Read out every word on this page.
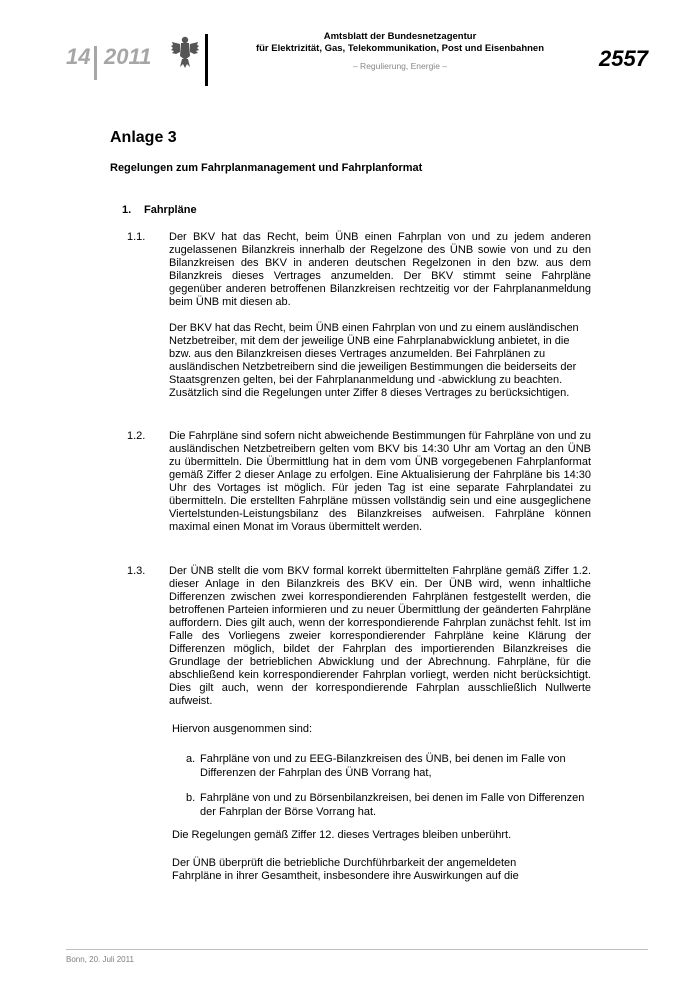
14 2011
Amtsblatt der Bundesnetzagentur
für Elektrizität, Gas, Telekommunikation, Post und Eisenbahnen
– Regulierung, Energie –	2557
Anlage 3
Regelungen zum Fahrplanmanagement und Fahrplanformat
1. Fahrpläne
1.1. Der BKV hat das Recht, beim ÜNB einen Fahrplan von und zu jedem anderen zugelassenen Bilanzkreis innerhalb der Regelzone des ÜNB sowie von und zu den Bilanzkreisen des BKV in anderen deutschen Regelzonen in den bzw. aus dem Bilanzkreis dieses Vertrages anzumelden. Der BKV stimmt seine Fahrpläne gegenüber anderen betroffenen Bilanzkreisen rechtzeitig vor der Fahrplananmeldung beim ÜNB mit diesen ab.

Der BKV hat das Recht, beim ÜNB einen Fahrplan von und zu einem ausländischen Netzbetreiber, mit dem der jeweilige ÜNB eine Fahrplanabwicklung anbietet, in die bzw. aus den Bilanzkreisen dieses Vertrages anzumelden. Bei Fahrplänen zu ausländischen Netzbetreibern sind die jeweiligen Bestimmungen die beiderseits der Staatsgrenzen gelten, bei der Fahrplananmeldung und -abwicklung zu beachten. Zusätzlich sind die Regelungen unter Ziffer 8 dieses Vertrages zu berücksichtigen.

1.2. Die Fahrpläne sind sofern nicht abweichende Bestimmungen für Fahrpläne von und zu ausländischen Netzbetreibern gelten vom BKV bis 14:30 Uhr am Vortag an den ÜNB zu übermitteln. Die Übermittlung hat in dem vom ÜNB vorgegebenen Fahrplanformat gemäß Ziffer 2 dieser Anlage zu erfolgen. Eine Aktualisierung der Fahrpläne bis 14:30 Uhr des Vortages ist möglich. Für jeden Tag ist eine separate Fahrplandatei zu übermitteln. Die erstellten Fahrpläne müssen vollständig sein und eine ausgeglichene Viertelstunden-Leistungsbilanz des Bilanzkreises aufweisen. Fahrpläne können maximal einen Monat im Voraus übermittelt werden.

1.3. Der ÜNB stellt die vom BKV formal korrekt übermittelten Fahrpläne gemäß Ziffer 1.2. dieser Anlage in den Bilanzkreis des BKV ein. Der ÜNB wird, wenn inhaltliche Differenzen zwischen zwei korrespondierenden Fahrplänen festgestellt werden, die betroffenen Parteien informieren und zu neuer Übermittlung der geänderten Fahrpläne auffordern. Dies gilt auch, wenn der korrespondierende Fahrplan zunächst fehlt. Ist im Falle des Vorliegens zweier korrespondierender Fahrpläne keine Klärung der Differenzen möglich, bildet der Fahrplan des importierenden Bilanzkreises die Grundlage der betrieblichen Abwicklung und der Abrechnung. Fahrpläne, für die abschließend kein korrespondierender Fahrplan vorliegt, werden nicht berücksichtigt. Dies gilt auch, wenn der korrespondierende Fahrplan ausschließlich Nullwerte aufweist.

Hiervon ausgenommen sind:

a. Fahrpläne von und zu EEG-Bilanzkreisen des ÜNB, bei denen im Falle von Differenzen der Fahrplan des ÜNB Vorrang hat,
b. Fahrpläne von und zu Börsenbilanzkreisen, bei denen im Falle von Differenzen der Fahrplan der Börse Vorrang hat.

Die Regelungen gemäß Ziffer 12. dieses Vertrages bleiben unberührt.

Der ÜNB überprüft die betriebliche Durchführbarkeit der angemeldeten Fahrpläne in ihrer Gesamtheit, insbesondere ihre Auswirkungen auf die

Bonn, 20. Juli 2011
